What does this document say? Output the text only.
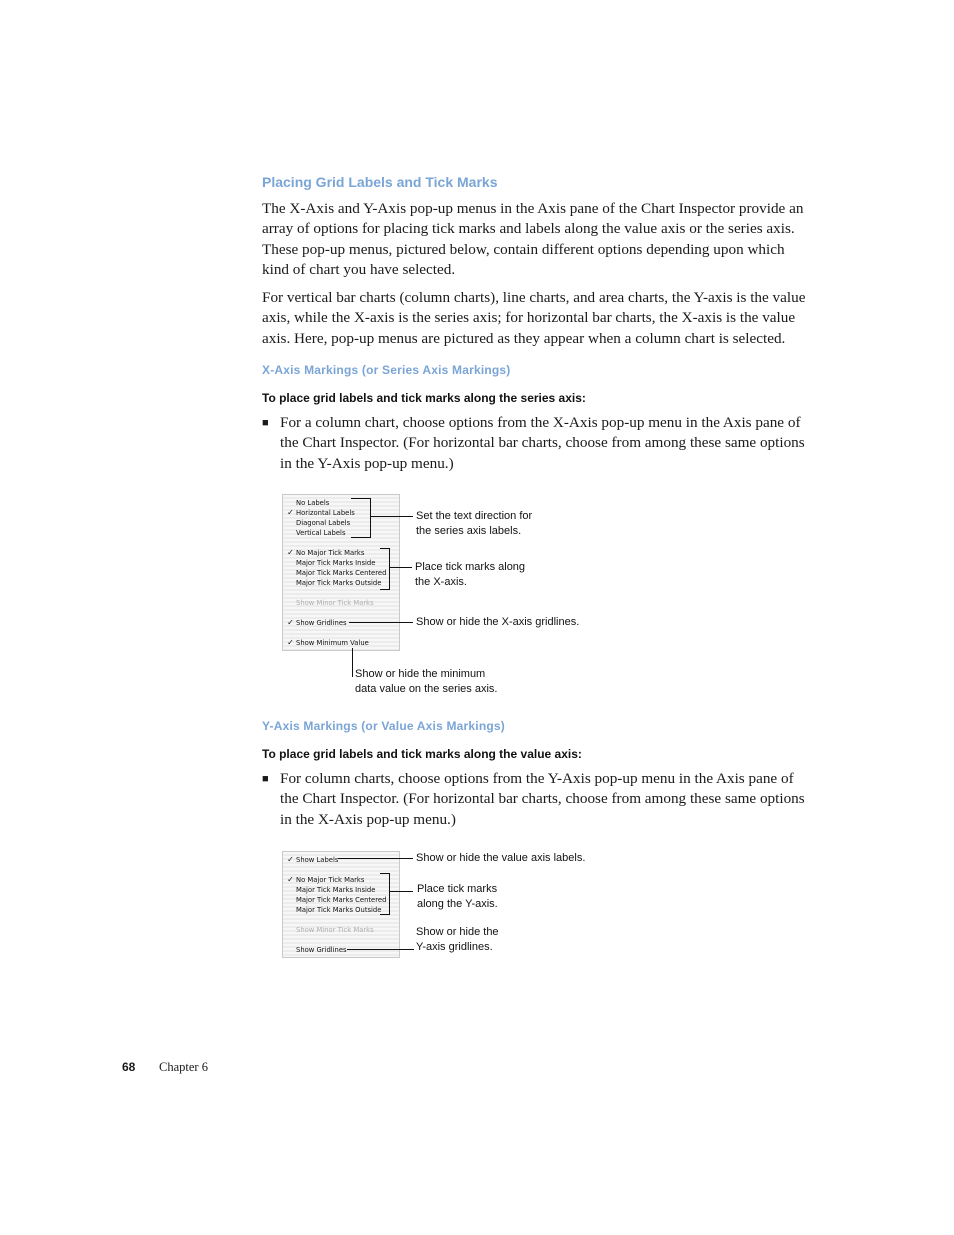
Placing Grid Labels and Tick Marks

The X-Axis and Y-Axis pop-up menus in the Axis pane of the Chart Inspector provide an array of options for placing tick marks and labels along the value axis or the series axis. These pop-up menus, pictured below, contain different options depending upon which kind of chart you have selected.

For vertical bar charts (column charts), line charts, and area charts, the Y-axis is the value axis, while the X-axis is the series axis; for horizontal bar charts, the X-axis is the value axis. Here, pop-up menus are pictured as they appear when a column chart is selected.

X-Axis Markings (or Series Axis Markings)

To place grid labels and tick marks along the series axis:

■ For a column chart, choose options from the X-Axis pop-up menu in the Axis pane of the Chart Inspector. (For horizontal bar charts, choose from among these same options in the Y-Axis pop-up menu.)

No Labels
✓ Horizontal Labels
Diagonal Labels
Vertical Labels
✓ No Major Tick Marks
Major Tick Marks Inside
Major Tick Marks Centered
Major Tick Marks Outside
Show Minor Tick Marks
✓ Show Gridlines
✓ Show Minimum Value

Set the text direction for

the series axis labels.

Place tick marks along

the X-axis.

Show or hide the X-axis gridlines.

Show or hide the minimum

data value on the series axis.

Y-Axis Markings (or Value Axis Markings)

To place grid labels and tick marks along the value axis:

■ For column charts, choose options from the Y-Axis pop-up menu in the Axis pane of the Chart Inspector. (For horizontal bar charts, choose from among these same options in the X-Axis pop-up menu.)

✓ Show Labels
✓ No Major Tick Marks
Major Tick Marks Inside
Major Tick Marks Centered
Major Tick Marks Outside
Show Minor Tick Marks
Show Gridlines

Show or hide the value axis labels.

Place tick marks

along the Y-axis.

Show or hide the

Y-axis gridlines.

68 Chapter 6
